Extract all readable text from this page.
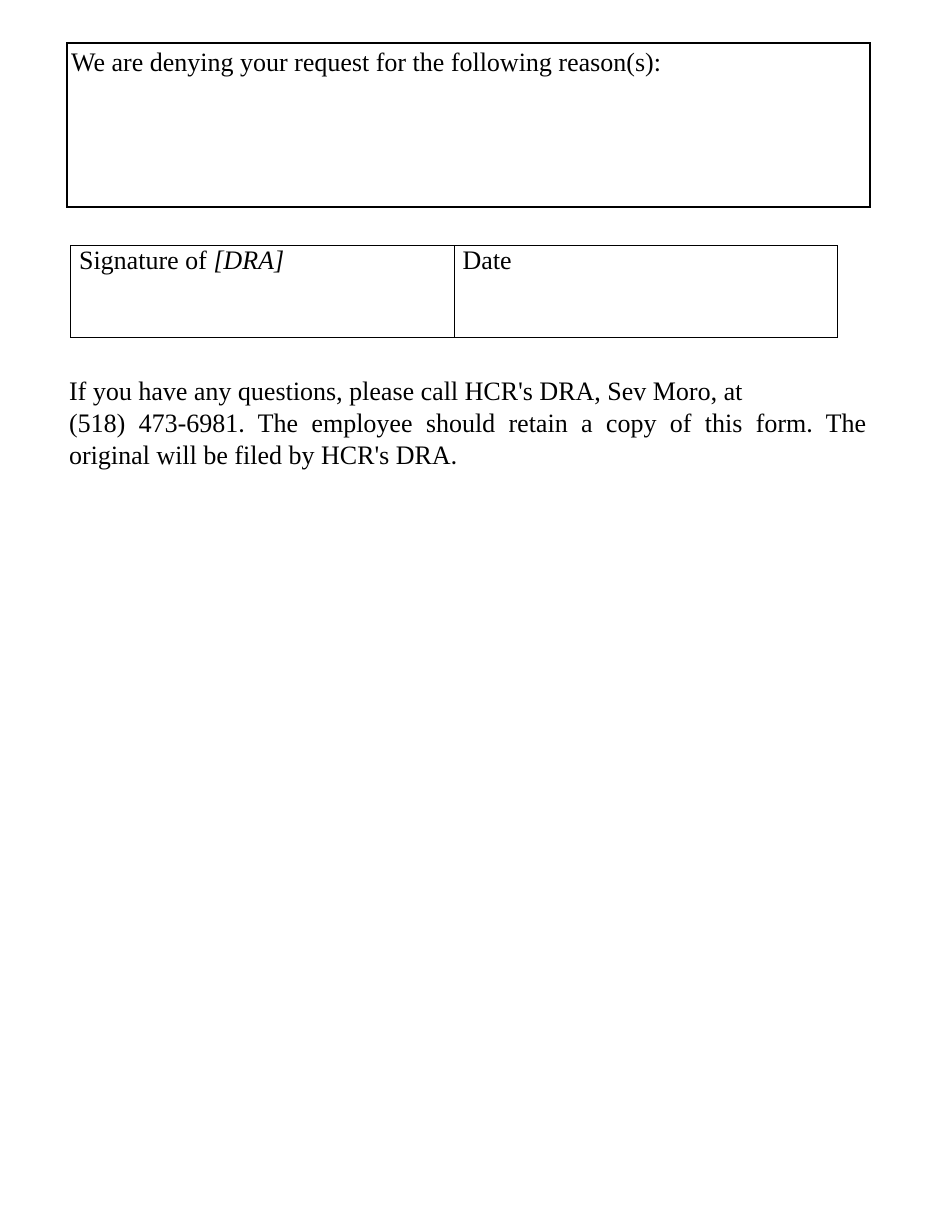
We are denying your request for the following reason(s):
Signature of [DRA]	Date

If you have any questions, please call HCR's DRA, Sev Moro, at
(518) 473-6981. The employee should retain a copy of this form. The
original will be filed by HCR's DRA.
